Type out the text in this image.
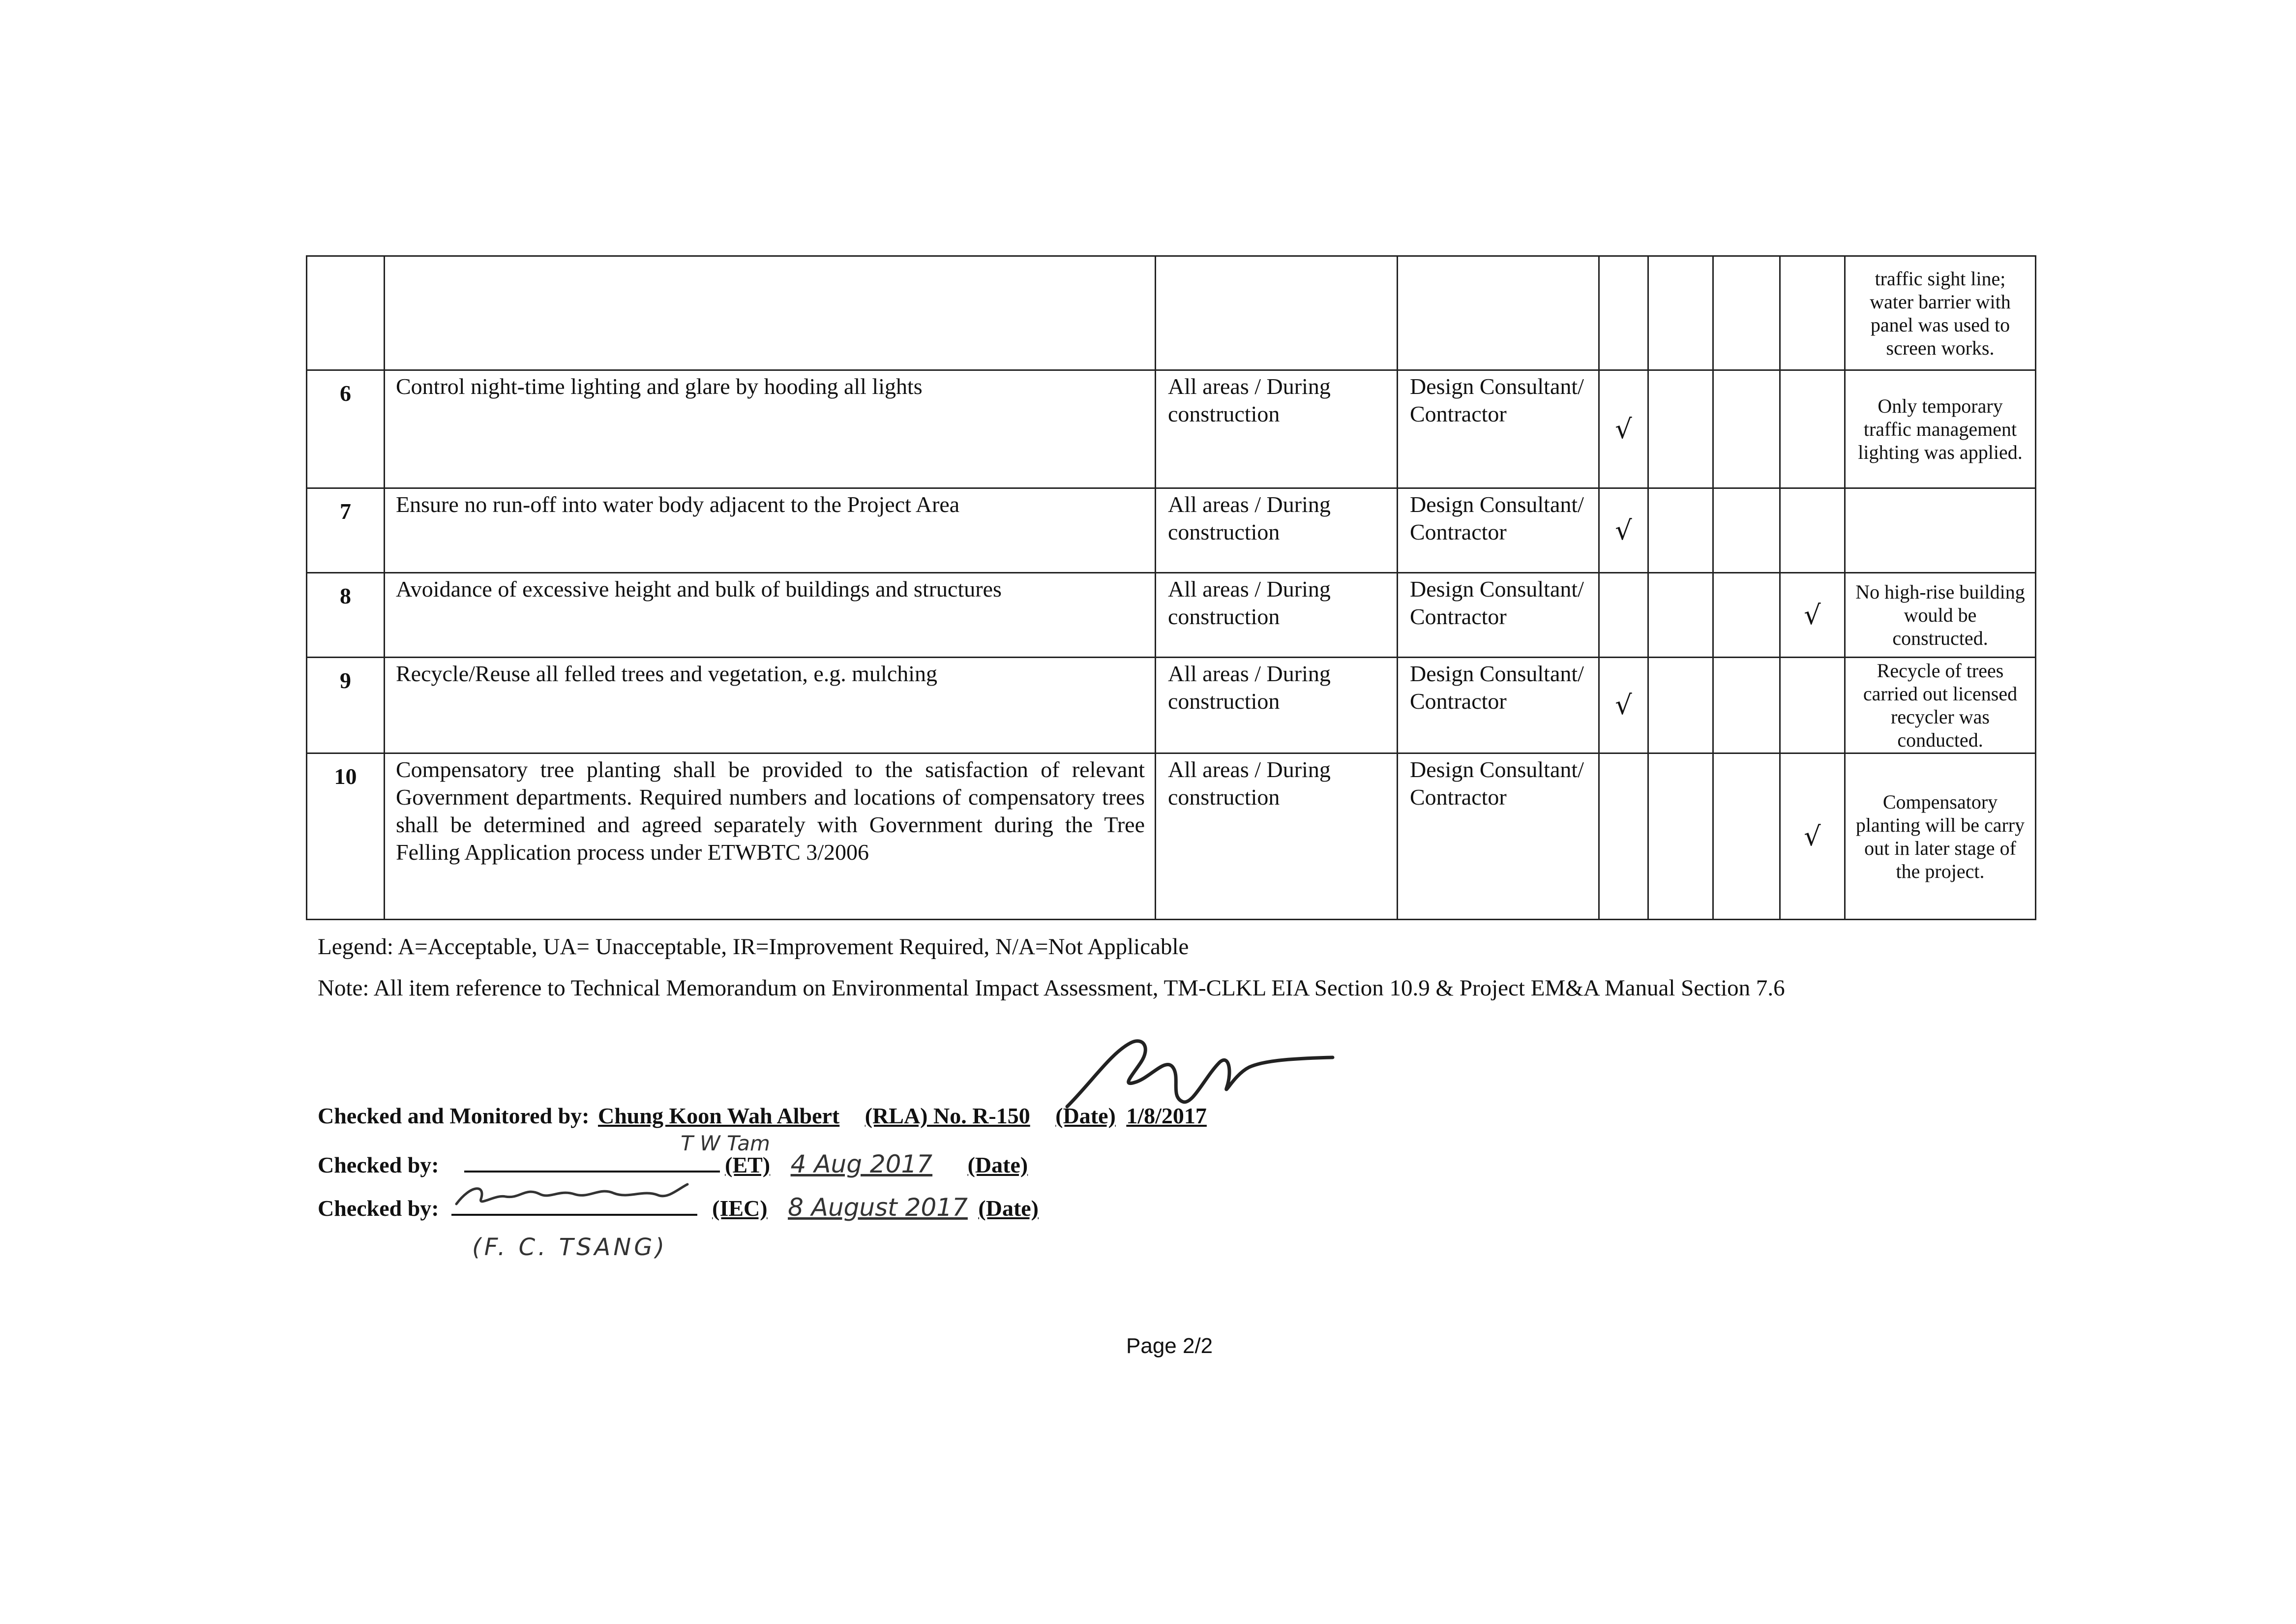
								traffic sight line; water barrier with panel was used to screen works.
6	Control night-time lighting and glare by hooding all lights	All areas / During construction	Design Consultant/ Contractor	√				Only temporary traffic management lighting was applied.
7	Ensure no run-off into water body adjacent to the Project Area	All areas / During construction	Design Consultant/ Contractor	√				
8	Avoidance of excessive height and bulk of buildings and structures	All areas / During construction	Design Consultant/ Contractor				√	No high-rise building would be constructed.
9	Recycle/Reuse all felled trees and vegetation, e.g. mulching	All areas / During construction	Design Consultant/ Contractor	√				Recycle of trees carried out licensed recycler was conducted.
10	Compensatory tree planting shall be provided to the satisfaction of relevant Government departments. Required numbers and locations of compensatory trees shall be determined and agreed separately with Government during the Tree Felling Application process under ETWBTC 3/2006	All areas / During construction	Design Consultant/ Contractor				√	Compensatory planting will be carry out in later stage of the project.
Legend: A=Acceptable, UA= Unacceptable, IR=Improvement Required, N/A=Not Applicable
Note: All item reference to Technical Memorandum on Environmental Impact Assessment, TM-CLKL EIA Section 10.9 & Project EM&A Manual Section 7.6
Checked and Monitored by: Chung Koon Wah Albert (RLA) No. R-150 (Date) 1/8/2017
Checked by:
T W Tam
(ET) 4 Aug 2017 (Date)
Checked by:	(IEC) 8 August 2017 (Date)
(F. C. TSANG)
Page 2/2
